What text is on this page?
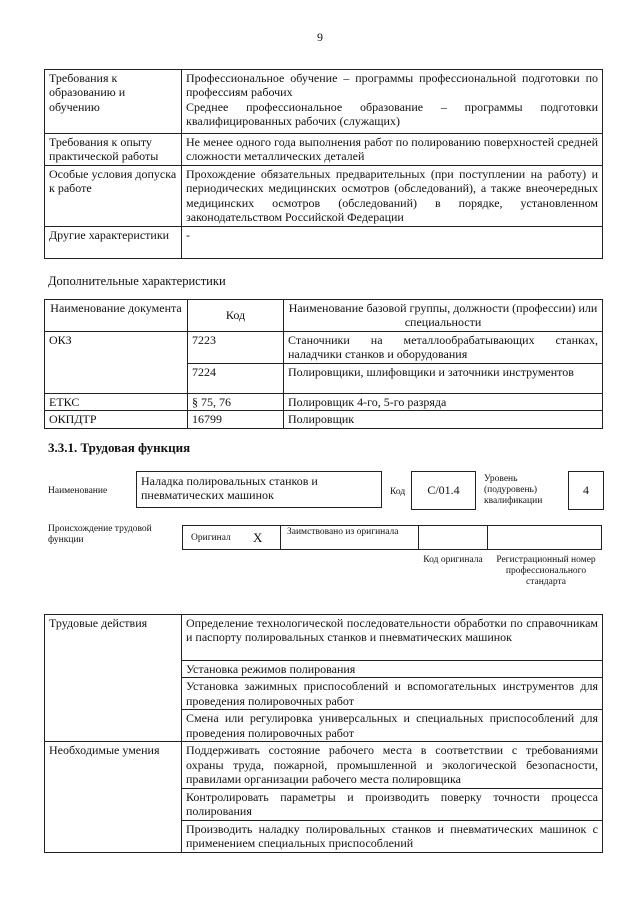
9
Требования к образованию и обучению	Профессиональное обучение – программы профессиональной подготовки по профессиям рабочих
Среднее профессиональное образование – программы подготовки квалифицированных рабочих (служащих)

Требования к опыту практической работы	Не менее одного года выполнения работ по полированию поверхностей средней сложности металлических деталей
Особые условия допуска к работе	Прохождение обязательных предварительных (при поступлении на работу) и периодических медицинских осмотров (обследований), а также внеочередных медицинских осмотров (обследований) в порядке, установленном законодательством Российской Федерации
Другие характеристики	-
Дополнительные характеристики
Наименование документа	Код	Наименование базовой группы, должности (профессии) или специальности
ОКЗ	7223	Станочники на металлообрабатывающих станках, наладчики станков и оборудования
	7224	Полировщики, шлифовщики и заточники инструментов
ЕТКС	§ 75, 76	Полировщик 4-го, 5-го разряда
ОКПДТР	16799	Полировщик
3.3.1. Трудовая функция
Наименование
Наладка полировальных станков и пневматических машинок	Код C/01.4
Уровень (подуровень) квалификации
4
Происхождение трудовой функции	Оригинал X	Заимствовано из оригинала
Код оригинала	Регистрационный номер профессионального стандарта
Трудовые действия	Определение технологической последовательности обработки по справочникам и паспорту полировальных станков и пневматических машинок
	Установка режимов полирования
	Установка зажимных приспособлений и вспомогательных инструментов для проведения полировочных работ
	Смена или регулировка универсальных и специальных приспособлений для проведения полировочных работ
Необходимые умения	Поддерживать состояние рабочего места в соответствии с требованиями охраны труда, пожарной, промышленной и экологической безопасности, правилами организации рабочего места полировщика
	Контролировать параметры и производить поверку точности процесса полирования
	Производить наладку полировальных станков и пневматических машинок с применением специальных приспособлений
